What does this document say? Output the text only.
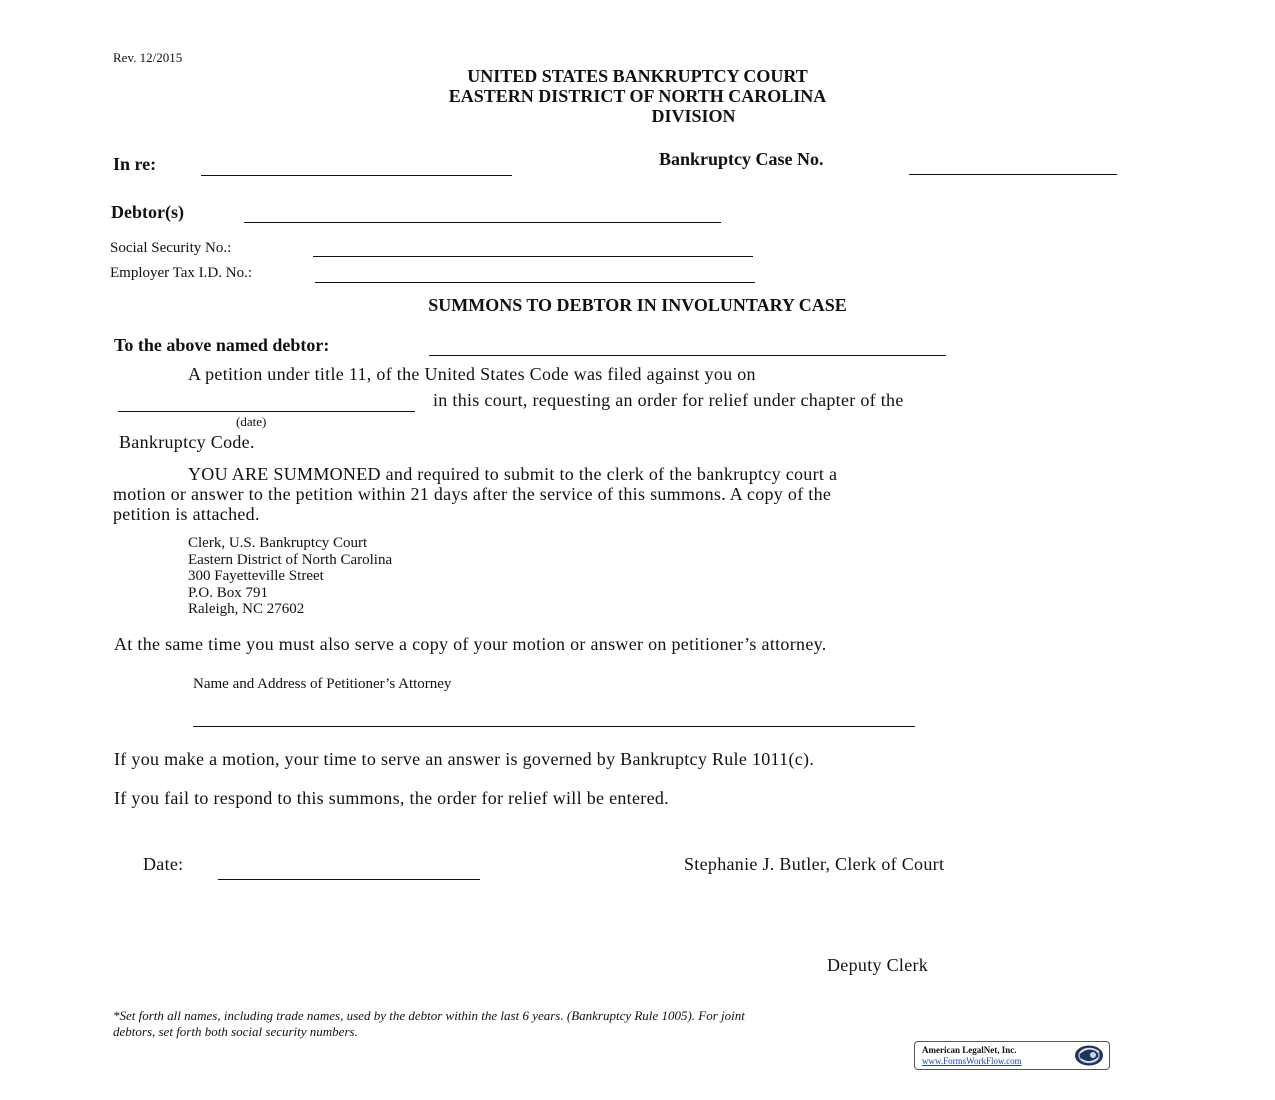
Rev. 12/2015
UNITED STATES BANKRUPTCY COURT
EASTERN DISTRICT OF NORTH CAROLINA
DIVISION
In re:	Bankruptcy Case No.
Debtor(s)
Social Security No.:
Employer Tax I.D. No.:
SUMMONS TO DEBTOR IN INVOLUNTARY CASE
To the above named debtor:
A petition under title 11, of the United States Code was filed against you on
in this court, requesting an order for relief under chapter of the
(date)
Bankruptcy Code.
YOU ARE SUMMONED and required to submit to the clerk of the bankruptcy court a
motion or answer to the petition within 21 days after the service of this summons. A copy of the
petition is attached.
Clerk, U.S. Bankruptcy Court
Eastern District of North Carolina
300 Fayetteville Street
P.O. Box 791
Raleigh, NC 27602
At the same time you must also serve a copy of your motion or answer on petitioner’s attorney.
Name and Address of Petitioner’s Attorney
If you make a motion, your time to serve an answer is governed by Bankruptcy Rule 1011(c).
If you fail to respond to this summons, the order for relief will be entered.
Date:	Stephanie J. Butler, Clerk of Court
Deputy Clerk
*Set forth all names, including trade names, used by the debtor within the last 6 years. (Bankruptcy Rule 1005). For joint
debtors, set forth both social security numbers.
American LegalNet, Inc.
www.FormsWorkFlow.com
